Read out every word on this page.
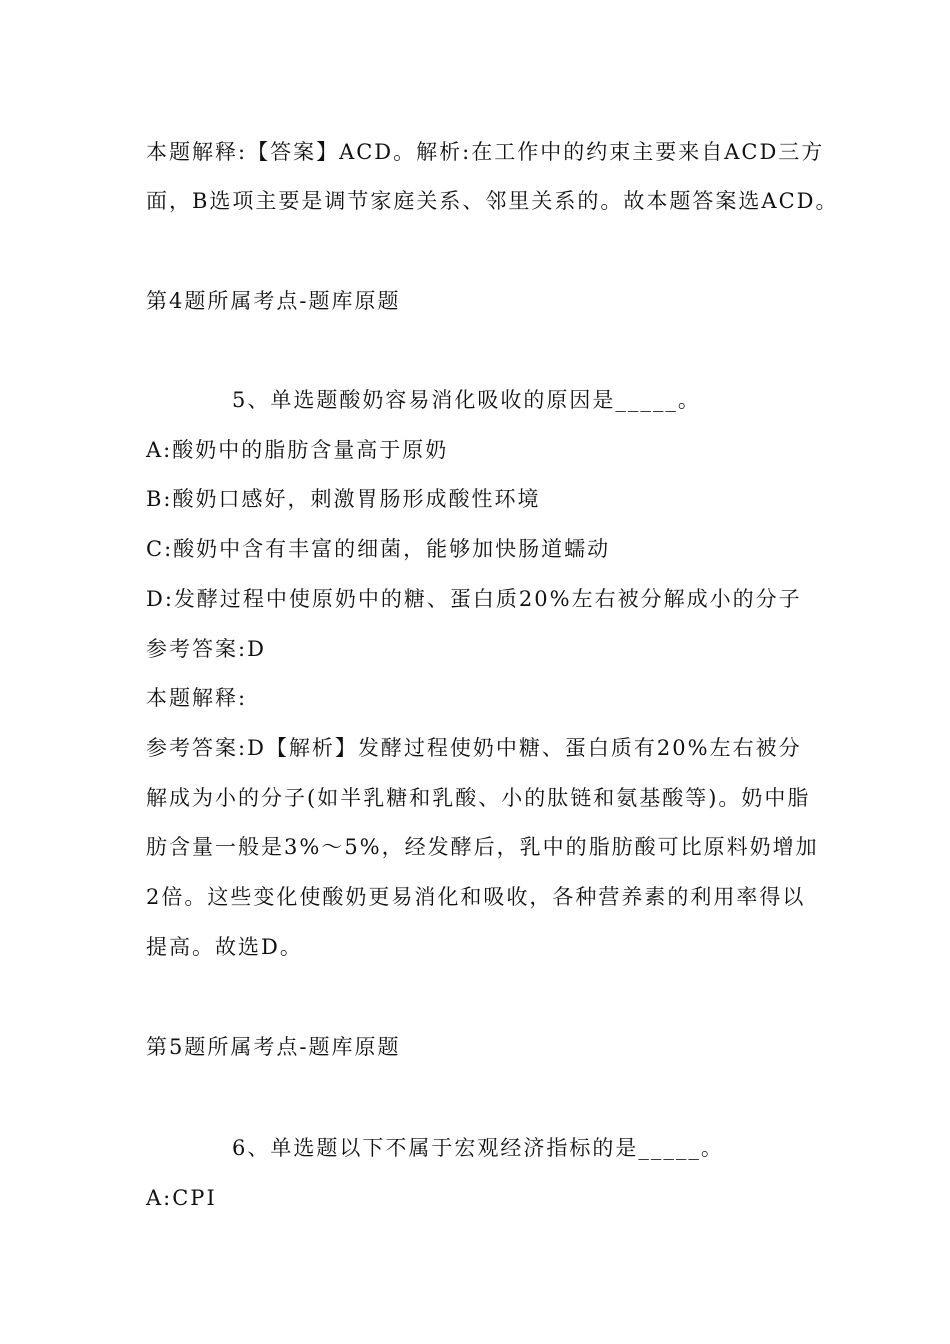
本题解释:【答案】ACD。解析:在工作中的约束主要来自ACD三方
面，B选项主要是调节家庭关系、邻里关系的。故本题答案选ACD。
第4题所属考点-题库原题
5、单选题酸奶容易消化吸收的原因是_____。
A:酸奶中的脂肪含量高于原奶
B:酸奶口感好，刺激胃肠形成酸性环境
C:酸奶中含有丰富的细菌，能够加快肠道蠕动
D:发酵过程中使原奶中的糖、蛋白质20%左右被分解成小的分子
参考答案:D
本题解释:
参考答案:D【解析】发酵过程使奶中糖、蛋白质有20%左右被分
解成为小的分子(如半乳糖和乳酸、小的肽链和氨基酸等)。奶中脂
肪含量一般是3%～5%，经发酵后，乳中的脂肪酸可比原料奶增加
2倍。这些变化使酸奶更易消化和吸收，各种营养素的利用率得以
提高。故选D。
第5题所属考点-题库原题
6、单选题以下不属于宏观经济指标的是_____。
A:CPI
